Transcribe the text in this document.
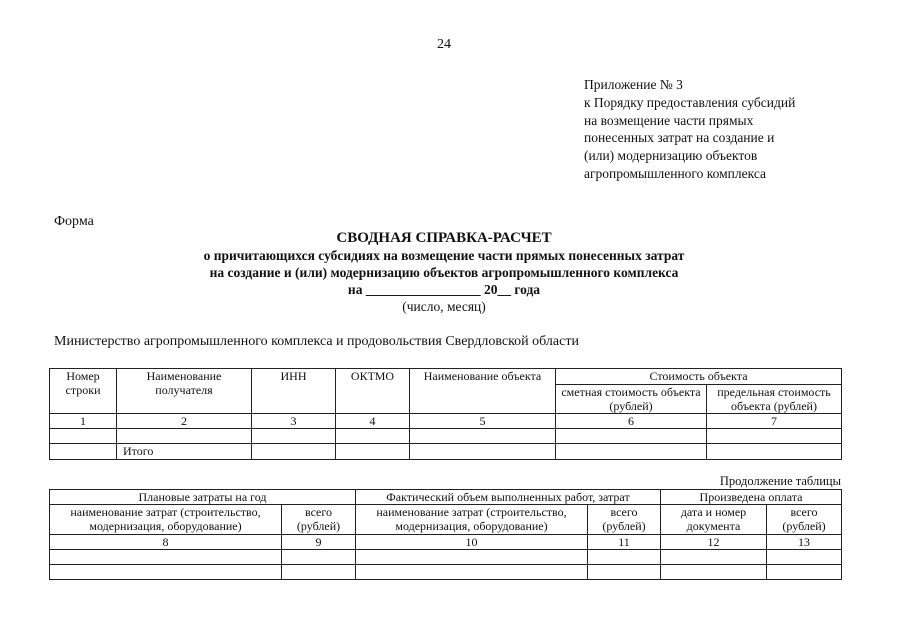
24
Приложение № 3
к Порядку предоставления субсидий
на возмещение части прямых
понесенных затрат на создание и
(или) модернизацию объектов
агропромышленного комплекса
Форма
СВОДНАЯ СПРАВКА-РАСЧЕТ
о причитающихся субсидиях на возмещение части прямых понесенных затрат
на создание и (или) модернизацию объектов агропромышленного комплекса
на _________________ 20__ года
(число, месяц)
Министерство агропромышленного комплекса и продовольствия Свердловской области
Номер строки	Наименование получателя	ИНН	ОКТМО	Наименование объекта	Стоимость объекта	
					сметная стоимость объекта (рублей)	предельная стоимость объекта (рублей)
1	2	3	4	5	6	7

	Итого					
Продолжение таблицы
Плановые затраты на год		Фактический объем выполненных работ, затрат		Произведена оплата	
наименование затрат (строительство, модернизация, оборудование)	всего (рублей)	наименование затрат (строительство, модернизация, оборудование)	всего (рублей)	дата и номер документа	всего (рублей)
8	9	10	11	12	13
